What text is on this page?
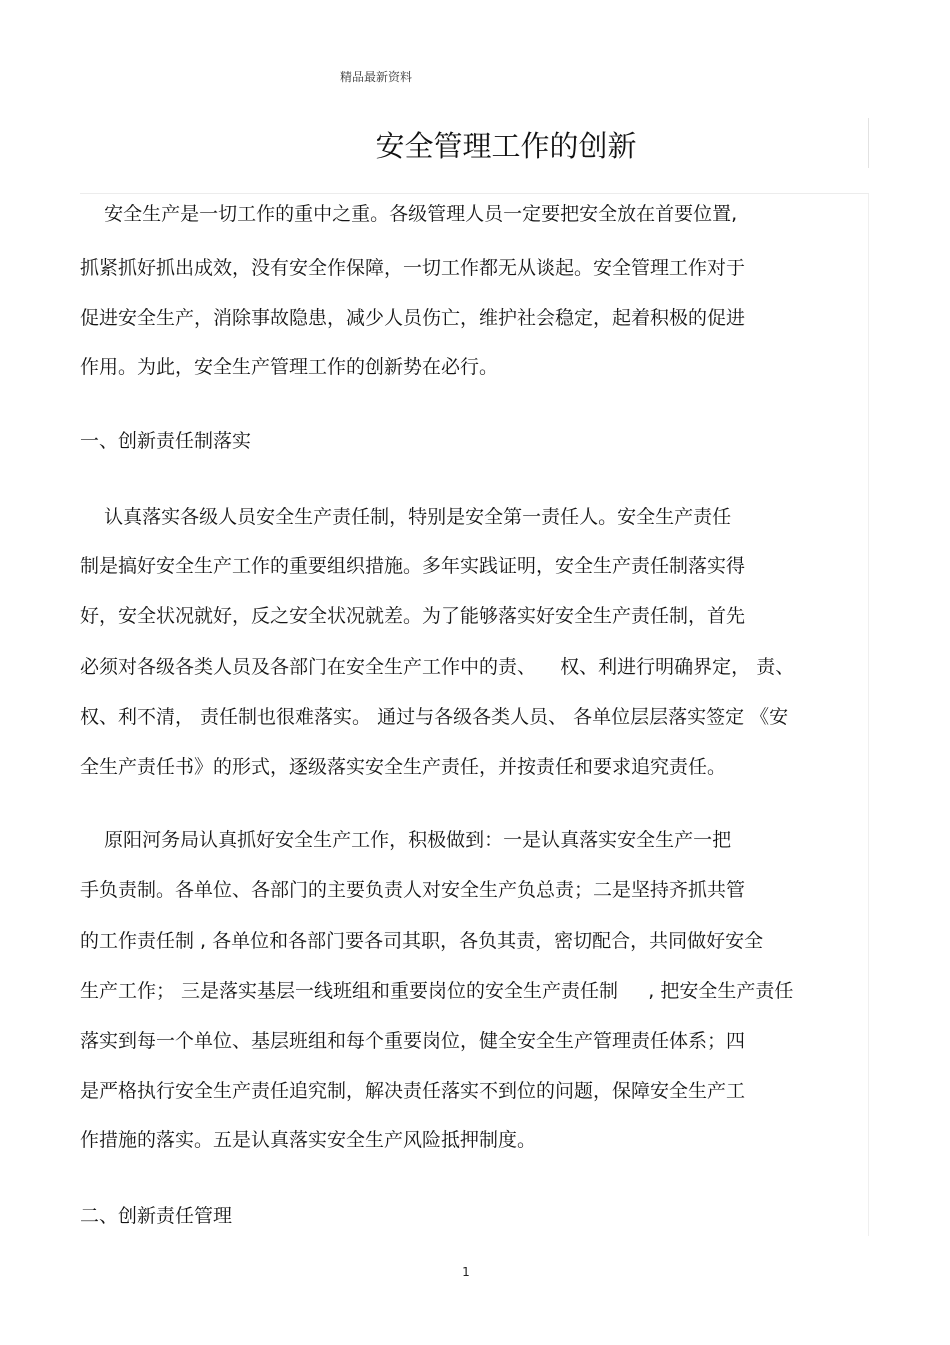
精品最新资料
安全管理工作的创新
安全生产是一切工作的重中之重。各级管理人员一定要把安全放在首要位置,
抓紧抓好抓出成效，没有安全作保障，一切工作都无从谈起。安全管理工作对于
促进安全生产，消除事故隐患，减少人员伤亡，维护社会稳定，起着积极的促进
作用。为此，安全生产管理工作的创新势在必行。
一、创新责任制落实
认真落实各级人员安全生产责任制，特别是安全第一责任人。安全生产责任
制是搞好安全生产工作的重要组织措施。多年实践证明，安全生产责任制落实得
好，安全状况就好，反之安全状况就差。为了能够落实好安全生产责任制，首先
必须对各级各类人员及各部门在安全生产工作中的责、    权、利进行明确界定， 责、
权、利不清， 责任制也很难落实。 通过与各级各类人员、 各单位层层落实签定 《安
全生产责任书》的形式，逐级落实安全生产责任，并按责任和要求追究责任。
原阳河务局认真抓好安全生产工作，积极做到：一是认真落实安全生产一把
手负责制。各单位、各部门的主要负责人对安全生产负总责；二是坚持齐抓共管
的工作责任制 , 各单位和各部门要各司其职，各负其责，密切配合，共同做好安全
生产工作； 三是落实基层一线班组和重要岗位的安全生产责任制     , 把安全生产责任
落实到每一个单位、基层班组和每个重要岗位，健全安全生产管理责任体系；四
是严格执行安全生产责任追究制，解决责任落实不到位的问题，保障安全生产工
作措施的落实。五是认真落实安全生产风险抵押制度。
二、创新责任管理
1
